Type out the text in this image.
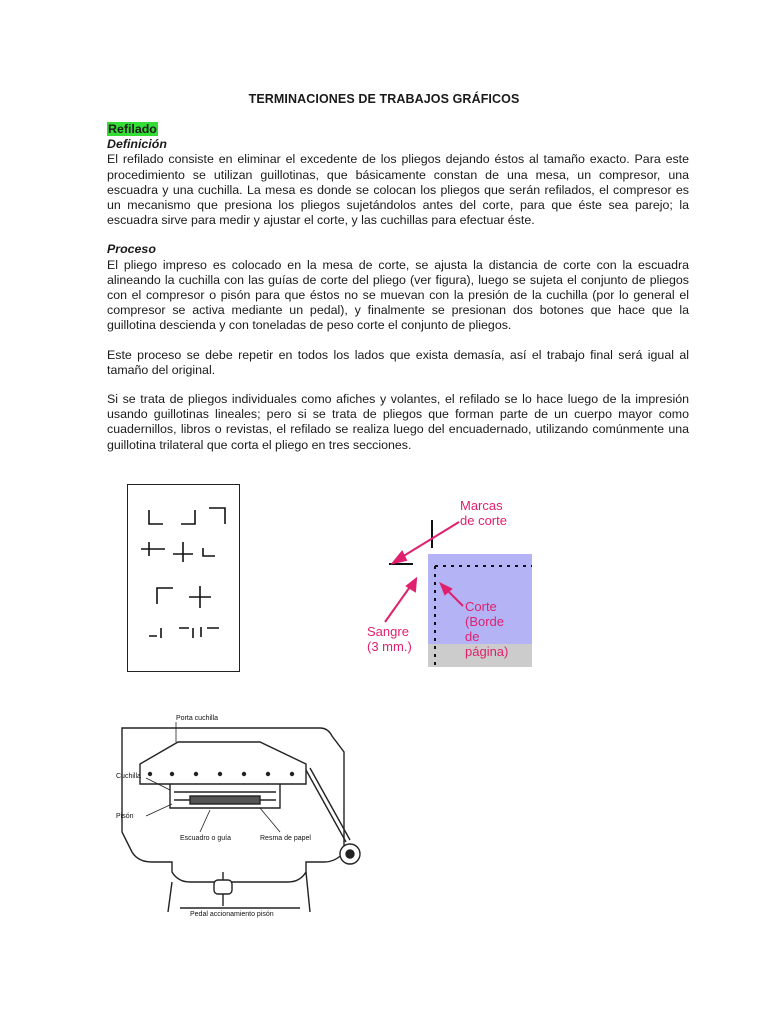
TERMINACIONES DE TRABAJOS GRÁFICOS
Refilado
Definición

El refilado consiste en eliminar el excedente de los pliegos dejando éstos al tamaño exacto. Para este procedimiento se utilizan guillotinas, que básicamente constan de una mesa, un compresor, una escuadra y una cuchilla. La mesa es donde se colocan los pliegos que serán refilados, el compresor es un mecanismo que presiona los pliegos sujetándolos antes del corte, para que éste sea parejo; la escuadra sirve para medir y ajustar el corte, y las cuchillas para efectuar éste.

Proceso

El pliego impreso es colocado en la mesa de corte, se ajusta la distancia de corte con la escuadra alineando la cuchilla con las guías de corte del pliego (ver figura), luego se sujeta el conjunto de pliegos con el compresor o pisón para que éstos no se muevan con la presión de la cuchilla (por lo general el compresor se activa mediante un pedal), y finalmente se presionan dos botones que hace que la guillotina descienda y con toneladas de peso corte el conjunto de pliegos.

Este proceso se debe repetir en todos los lados que exista demasía, así el trabajo final será igual al tamaño del original.

Si se trata de pliegos individuales como afiches y volantes, el refilado se lo hace luego de la impresión usando guillotinas lineales; pero si se trata de pliegos que forman parte de un cuerpo mayor como cuadernillos, libros o revistas, el refilado se realiza luego del encuadernado, utilizando comúnmente una guillotina trilateral que corta el pliego en tres secciones.

Marcas
de corte
Sangre
(3 mm.)
Corte
(Borde
de
página)
Porta cuchilla
Cuchilla
Pisón
Escuadro o guía	Resma de papel
Pedal accionamiento pisón
